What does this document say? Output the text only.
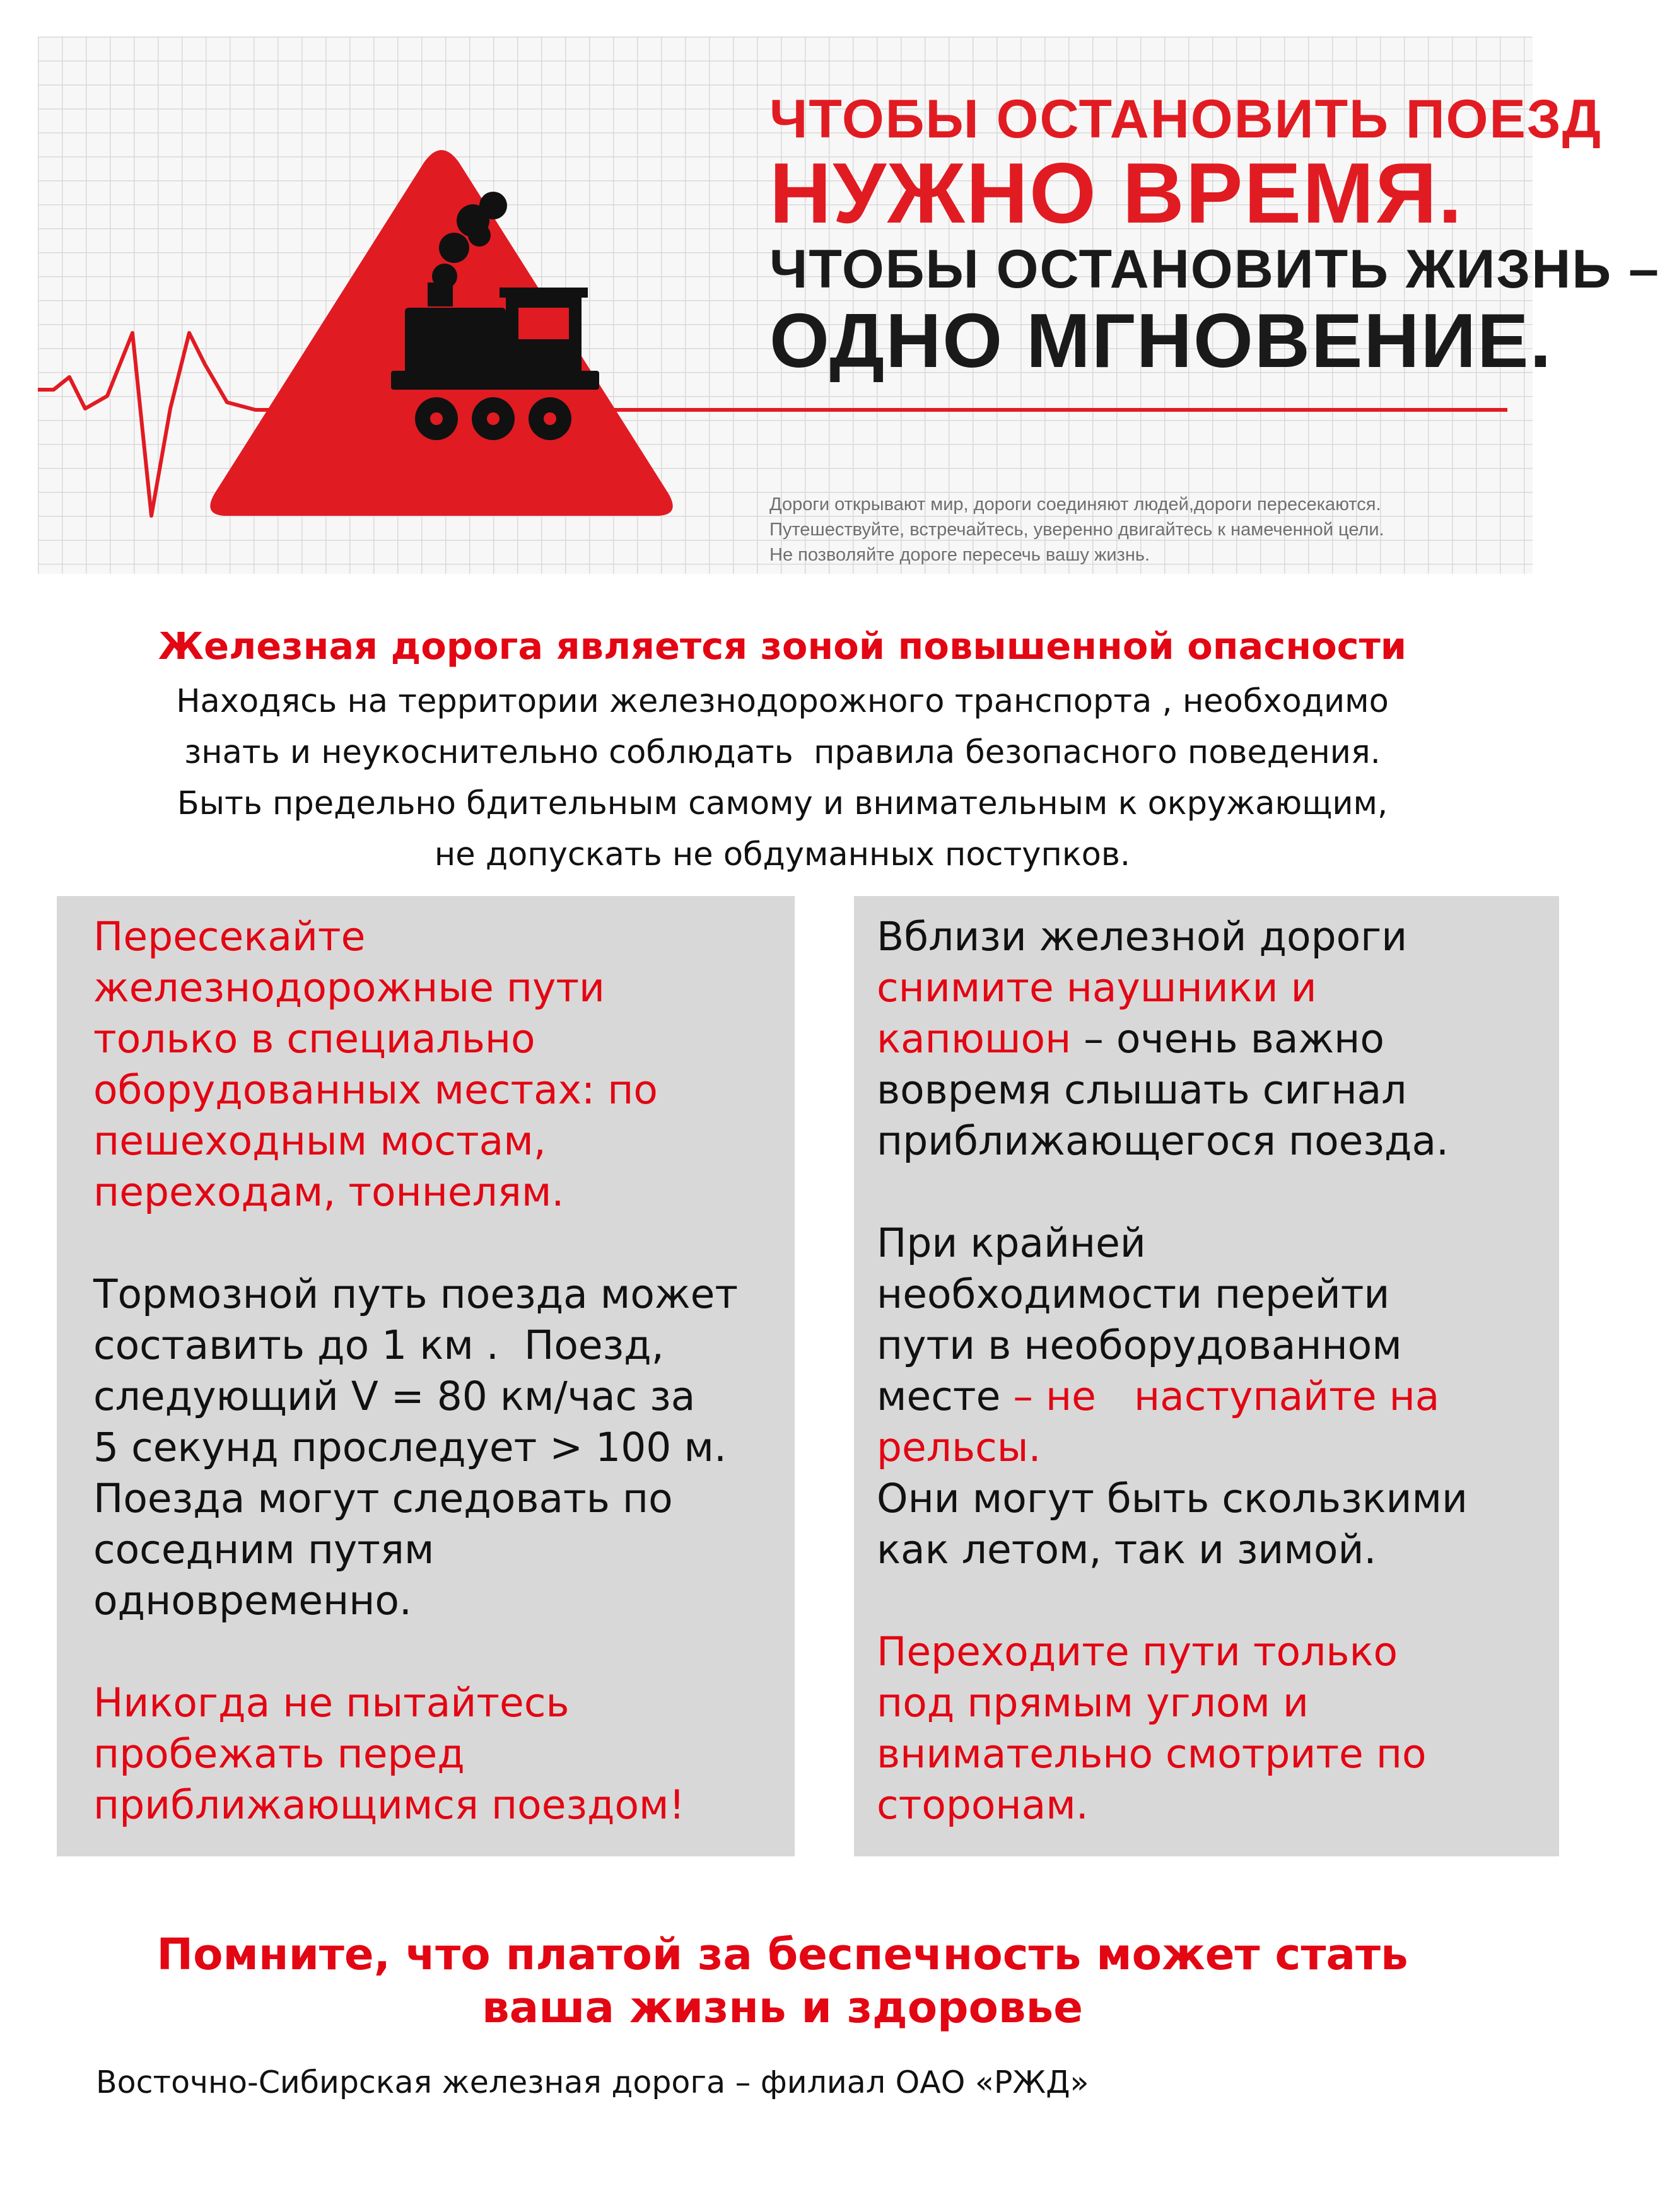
ЧТОБЫ ОСТАНОВИТЬ ПОЕЗД
НУЖНО ВРЕМЯ.
ЧТОБЫ ОСТАНОВИТЬ ЖИЗНЬ –
ОДНО МГНОВЕНИЕ.
Дороги открывают мир, дороги соединяют людей,дороги пересекаются.
Путешествуйте, встречайтесь, уверенно двигайтесь к намеченной цели.
Не позволяйте дороге пересечь вашу жизнь.
Железная дорога является зоной повышенной опасности
Находясь на территории железнодорожного транспорта , необходимо
знать и неукоснительно соблюдать  правила безопасного поведения.
Быть предельно бдительным самому и внимательным к окружающим,
не допускать не обдуманных поступков.

Пересекайте
железнодорожные пути
только в специально
оборудованных местах: по
пешеходным мостам,
переходам, тоннелям.

Тормозной путь поезда может
составить до 1 км .  Поезд,
следующий V = 80 км/час за
5 секунд проследует > 100 м.
Поезда могут следовать по
соседним путям
одновременно.

Никогда не пытайтесь
пробежать перед
приближающимся поездом!

Вблизи железной дороги
снимите наушники и
капюшон – очень важно
вовремя слышать сигнал
приближающегося поезда.

При крайней
необходимости перейти
пути в необорудованном
месте – не   наступайте на
рельсы.
Они могут быть скользкими
как летом, так и зимой.

Переходите пути только
под прямым углом и
внимательно смотрите по
сторонам.

Помните, что платой за беспечность может стать
ваша жизнь и здоровье
Восточно-Сибирская железная дорога – филиал ОАО «РЖД»
